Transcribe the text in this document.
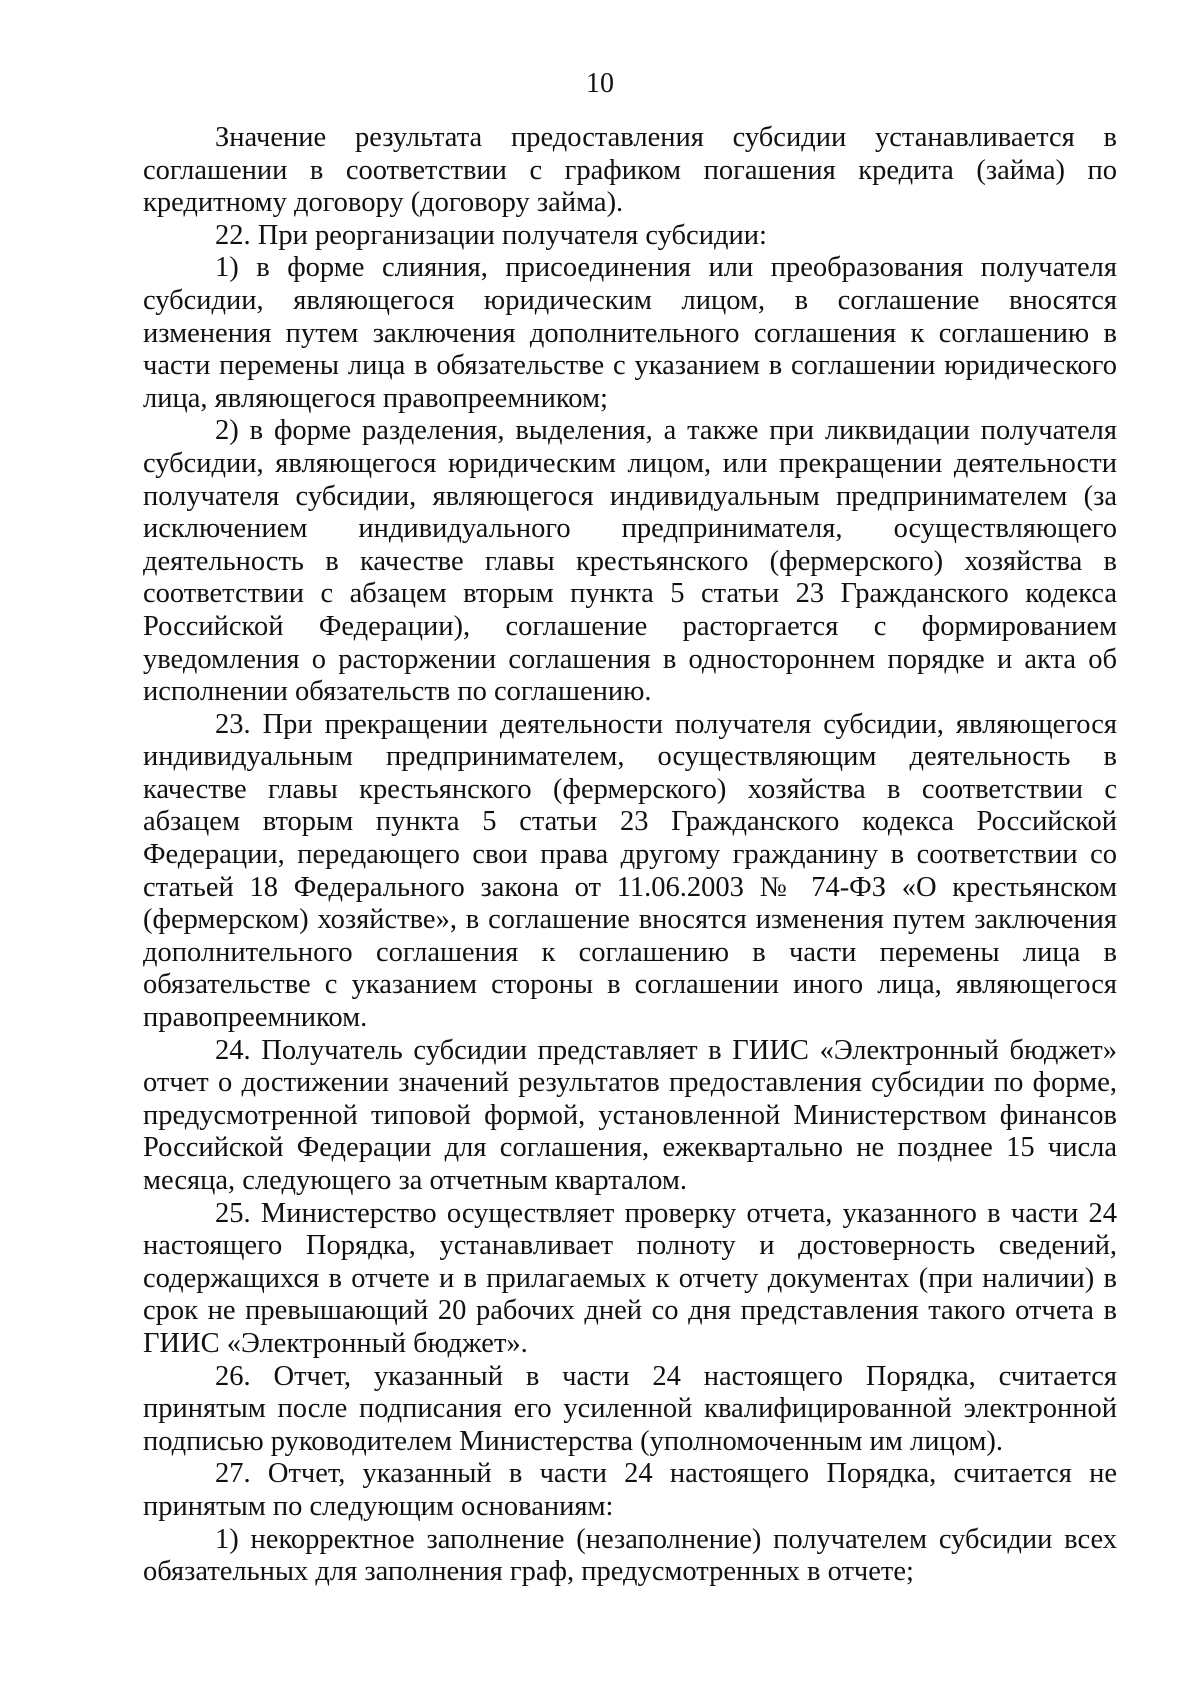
10

Значение результата предоставления субсидии устанавливается в соглашении в соответствии с графиком погашения кредита (займа) по кредитному договору (договору займа).

22. При реорганизации получателя субсидии:

1) в форме слияния, присоединения или преобразования получателя субсидии, являющегося юридическим лицом, в соглашение вносятся изменения путем заключения дополнительного соглашения к соглашению в части перемены лица в обязательстве с указанием в соглашении юридического лица, являющегося правопреемником;

2) в форме разделения, выделения, а также при ликвидации получателя субсидии, являющегося юридическим лицом, или прекращении деятельности получателя субсидии, являющегося индивидуальным предпринимателем (за исключением индивидуального предпринимателя, осуществляющего деятельность в качестве главы крестьянского (фермерского) хозяйства в соответствии с абзацем вторым пункта 5 статьи 23 Гражданского кодекса Российской Федерации), соглашение расторгается с формированием уведомления о расторжении соглашения в одностороннем порядке и акта об исполнении обязательств по соглашению.

23. При прекращении деятельности получателя субсидии, являющегося индивидуальным предпринимателем, осуществляющим деятельность в качестве главы крестьянского (фермерского) хозяйства в соответствии с абзацем вторым пункта 5 статьи 23 Гражданского кодекса Российской Федерации, передающего свои права другому гражданину в соответствии со статьей 18 Федерального закона от 11.06.2003 № 74-ФЗ «О крестьянском (фермерском) хозяйстве», в соглашение вносятся изменения путем заключения дополнительного соглашения к соглашению в части перемены лица в обязательстве с указанием стороны в соглашении иного лица, являющегося правопреемником.

24. Получатель субсидии представляет в ГИИС «Электронный бюджет» отчет о достижении значений результатов предоставления субсидии по форме, предусмотренной типовой формой, установленной Министерством финансов Российской Федерации для соглашения, ежеквартально не позднее 15 числа месяца, следующего за отчетным кварталом.

25. Министерство осуществляет проверку отчета, указанного в части 24 настоящего Порядка, устанавливает полноту и достоверность сведений, содержащихся в отчете и в прилагаемых к отчету документах (при наличии) в срок не превышающий 20 рабочих дней со дня представления такого отчета в ГИИС «Электронный бюджет».

26. Отчет, указанный в части 24 настоящего Порядка, считается принятым после подписания его усиленной квалифицированной электронной подписью руководителем Министерства (уполномоченным им лицом).

27. Отчет, указанный в части 24 настоящего Порядка, считается не принятым по следующим основаниям:

1) некорректное заполнение (незаполнение) получателем субсидии всех обязательных для заполнения граф, предусмотренных в отчете;
